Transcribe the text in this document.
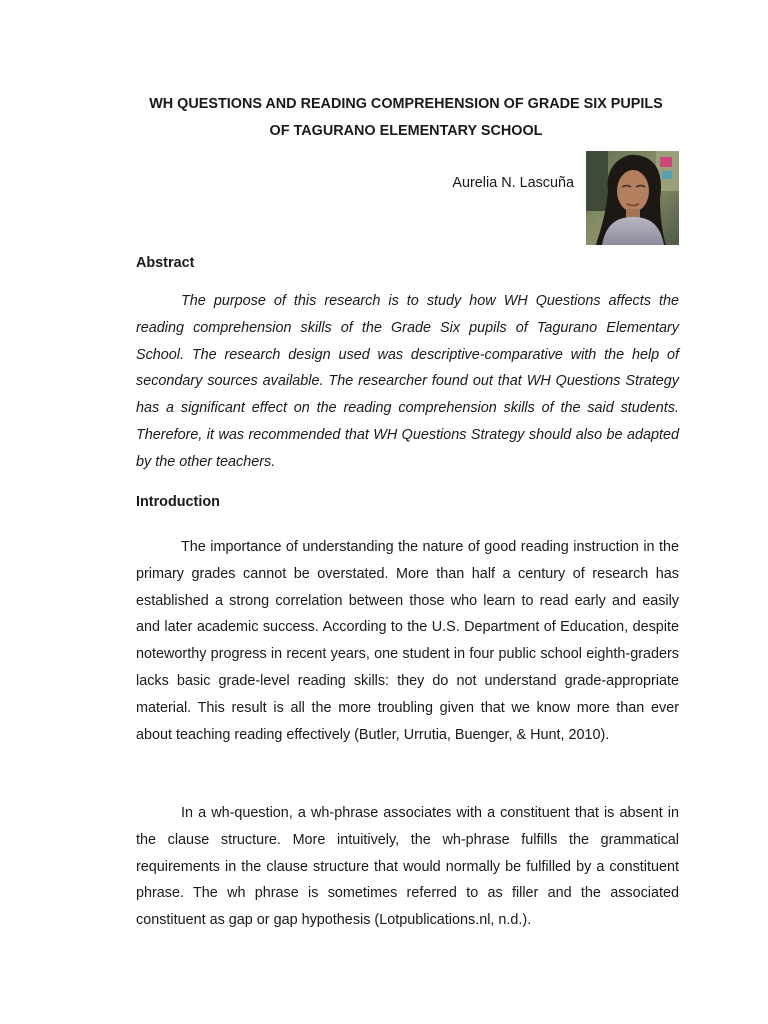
WH QUESTIONS AND READING COMPREHENSION OF GRADE SIX PUPILS
OF TAGURANO ELEMENTARY SCHOOL

Aurelia N. Lascuña

Abstract

The purpose of this research is to study how WH Questions affects the reading comprehension skills of the Grade Six pupils of Tagurano Elementary School. The research design used was descriptive-comparative with the help of secondary sources available. The researcher found out that WH Questions Strategy has a significant effect on the reading comprehension skills of the said students. Therefore, it was recommended that WH Questions Strategy should also be adapted by the other teachers.

Introduction

The importance of understanding the nature of good reading instruction in the primary grades cannot be overstated. More than half a century of research has established a strong correlation between those who learn to read early and easily and later academic success. According to the U.S. Department of Education, despite noteworthy progress in recent years, one student in four public school eighth-graders lacks basic grade-level reading skills: they do not understand grade-appropriate material. This result is all the more troubling given that we know more than ever about teaching reading effectively (Butler, Urrutia, Buenger, & Hunt, 2010).

In a wh-question, a wh-phrase associates with a constituent that is absent in the clause structure. More intuitively, the wh-phrase fulfills the grammatical requirements in the clause structure that would normally be fulfilled by a constituent phrase. The wh phrase is sometimes referred to as filler and the associated constituent as gap or gap hypothesis (Lotpublications.nl, n.d.).
